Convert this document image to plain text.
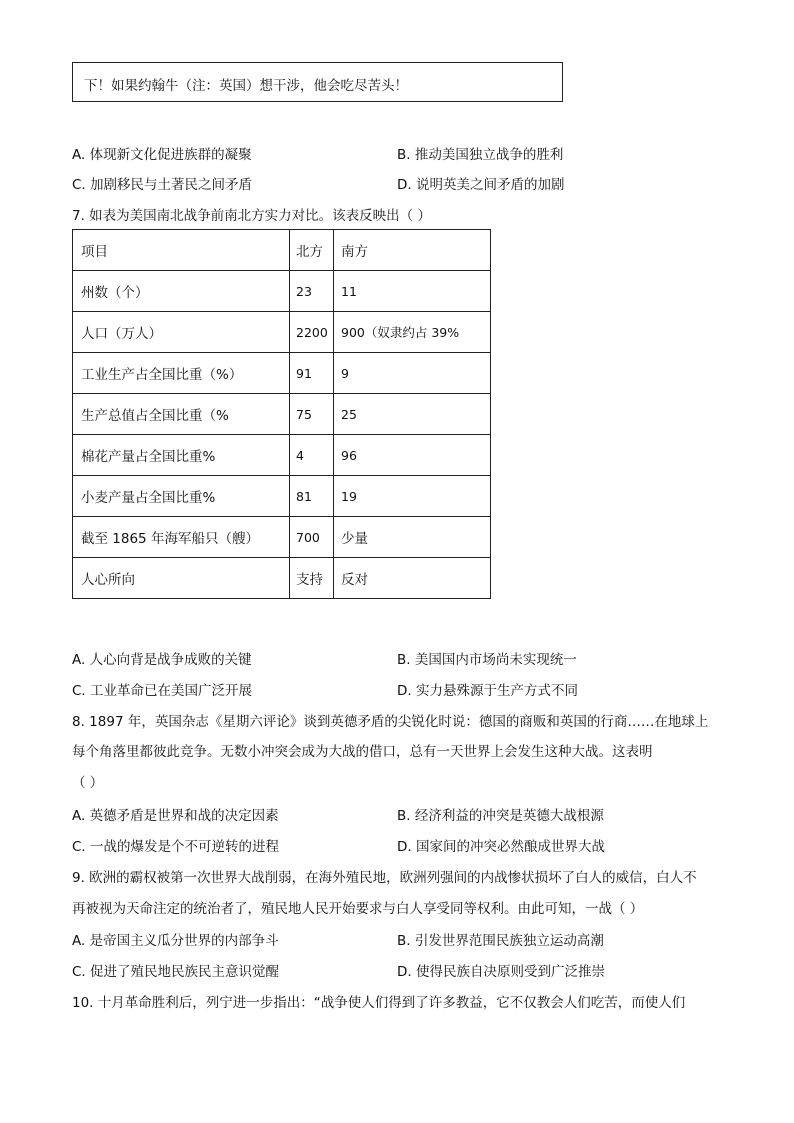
下！如果约翰牛（注：英国）想干涉，他会吃尽苦头！
A. 体现新文化促进族群的凝聚	B. 推动美国独立战争的胜利
C. 加剧移民与土著民之间矛盾	D. 说明英美之间矛盾的加剧
7. 如表为美国南北战争前南北方实力对比。该表反映出（ ）
项目	北方	南方
州数（个）	23	11
人口（万人）	2200	900（奴隶约占 39%
工业生产占全国比重（%）	91	9
生产总值占全国比重（%	75	25
棉花产量占全国比重%	4	96
小麦产量占全国比重%	81	19
截至 1865 年海军船只（艘）	700	少量
人心所向	支持	反对
A. 人心向背是战争成败的关键	B. 美国国内市场尚未实现统一
C. 工业革命已在美国广泛开展	D. 实力悬殊源于生产方式不同
8. 1897 年，英国杂志《星期六评论》谈到英德矛盾的尖锐化时说：德国的商贩和英国的行商……在地球上
每个角落里都彼此竞争。无数小冲突会成为大战的借口，总有一天世界上会发生这种大战。这表明
（ ）
A. 英德矛盾是世界和战的决定因素	B. 经济利益的冲突是英德大战根源
C. 一战的爆发是个不可逆转的进程	D. 国家间的冲突必然酿成世界大战
9. 欧洲的霸权被第一次世界大战削弱，在海外殖民地，欧洲列强间的内战惨状损坏了白人的威信，白人不
再被视为天命注定的统治者了，殖民地人民开始要求与白人享受同等权利。由此可知，一战（ ）
A. 是帝国主义瓜分世界的内部争斗	B. 引发世界范围民族独立运动高潮
C. 促进了殖民地民族民主意识觉醒	D. 使得民族自决原则受到广泛推崇
10. 十月革命胜利后，列宁进一步指出：“战争使人们得到了许多教益，它不仅教会人们吃苦，而使人们
